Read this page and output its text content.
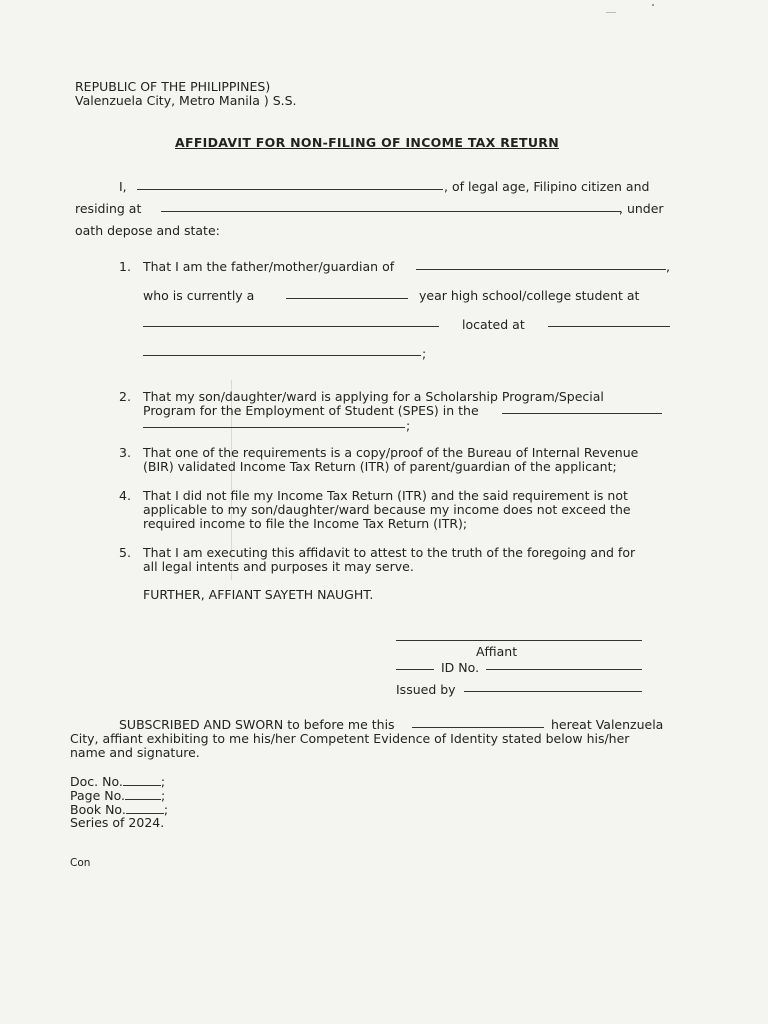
REPUBLIC OF THE PHILIPPINES)
Valenzuela City, Metro Manila ) S.S.
AFFIDAVIT FOR NON-FILING OF INCOME TAX RETURN
I,	, of legal age, Filipino citizen and
residing at	, under
oath depose and state:
1. That I am the father/mother/guardian of	,
who is currently a	year high school/college student at
located at
;
2. That my son/daughter/ward is applying for a Scholarship Program/Special
Program for the Employment of Student (SPES) in the
;
3. That one of the requirements is a copy/proof of the Bureau of Internal Revenue
(BIR) validated Income Tax Return (ITR) of parent/guardian of the applicant;
4. That I did not file my Income Tax Return (ITR) and the said requirement is not
applicable to my son/daughter/ward because my income does not exceed the
required income to file the Income Tax Return (ITR);
5. That I am executing this affidavit to attest to the truth of the foregoing and for
all legal intents and purposes it may serve.
FURTHER, AFFIANT SAYETH NAUGHT.
Affiant
ID No.
Issued by
SUBSCRIBED AND SWORN to before me this	hereat Valenzuela
City, affiant exhibiting to me his/her Competent Evidence of Identity stated below his/her
name and signature.
Doc. No.	;
Page No.	;
Book No.	;
Series of 2024.
Con
